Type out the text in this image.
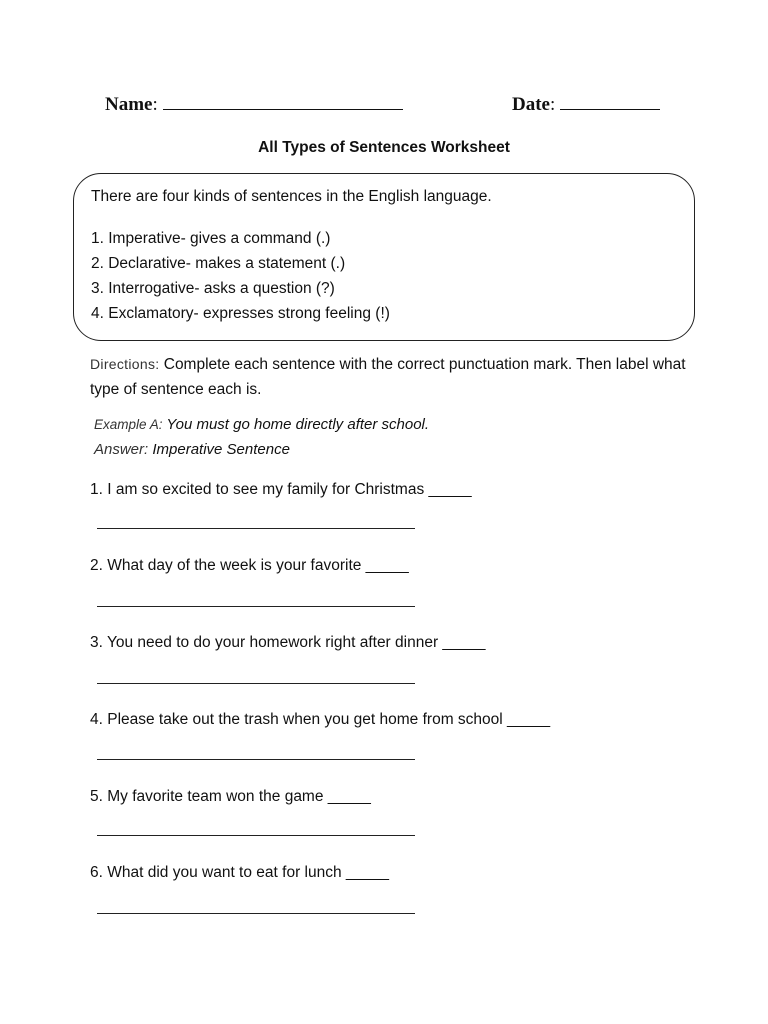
Name:	Date:
All Types of Sentences Worksheet
There are four kinds of sentences in the English language.
1. Imperative- gives a command (.)
2. Declarative- makes a statement (.)
3. Interrogative- asks a question (?)
4. Exclamatory- expresses strong feeling (!)
Directions: Complete each sentence with the correct punctuation mark. Then label what type of sentence each is.
Example A: You must go home directly after school.
Answer: Imperative Sentence
1. I am so excited to see my family for Christmas _____
2. What day of the week is your favorite _____
3. You need to do your homework right after dinner _____
4. Please take out the trash when you get home from school _____
5. My favorite team won the game _____
6. What did you want to eat for lunch _____
